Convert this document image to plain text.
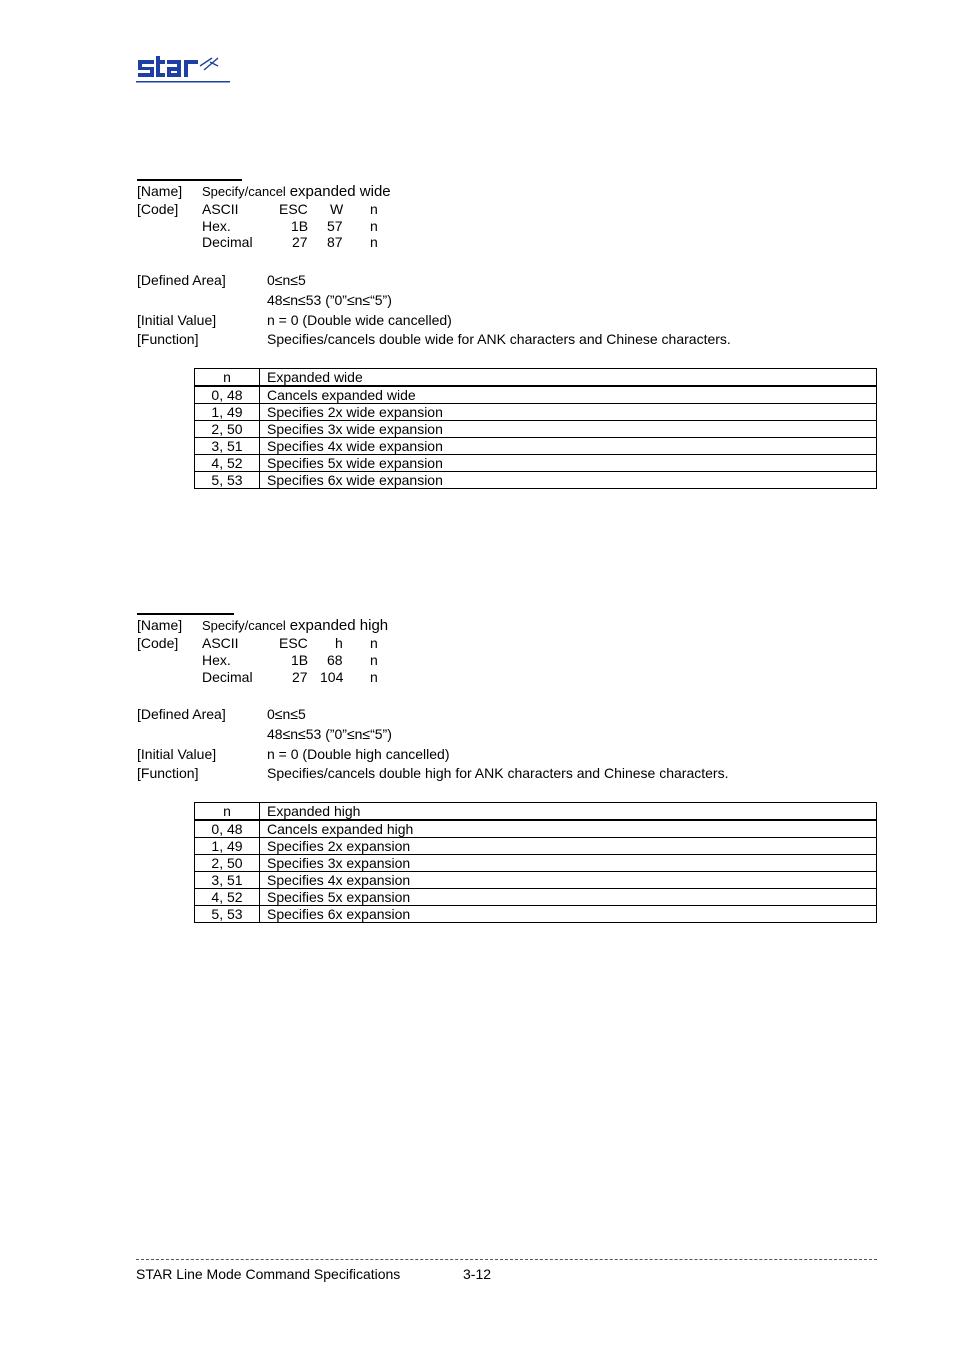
[Name] Specify/cancel expanded wide
[Code] ASCII	ESC W n
Hex.	1B 57 n
Decimal	27 87 n
[Defined Area]	0≤n≤5
48≤n≤53 (”0”≤n≤“5”)
[Initial Value]	n = 0 (Double wide cancelled)
[Function]	Specifies/cancels double wide for ANK characters and Chinese characters.
n	Expanded wide
0, 48	Cancels expanded wide
1, 49	Specifies 2x wide expansion
2, 50	Specifies 3x wide expansion
3, 51	Specifies 4x wide expansion
4, 52	Specifies 5x wide expansion
5, 53	Specifies 6x wide expansion
[Name] Specify/cancel expanded high
[Code] ASCII	ESC h n
Hex.	1B 68 n
Decimal	27 104 n
[Defined Area]	0≤n≤5
48≤n≤53 (”0”≤n≤“5”)
[Initial Value]	n = 0 (Double high cancelled)
[Function]	Specifies/cancels double high for ANK characters and Chinese characters.
n	Expanded high
0, 48	Cancels expanded high
1, 49	Specifies 2x expansion
2, 50	Specifies 3x expansion
3, 51	Specifies 4x expansion
4, 52	Specifies 5x expansion
5, 53	Specifies 6x expansion
STAR Line Mode Command Specifications	3-12
